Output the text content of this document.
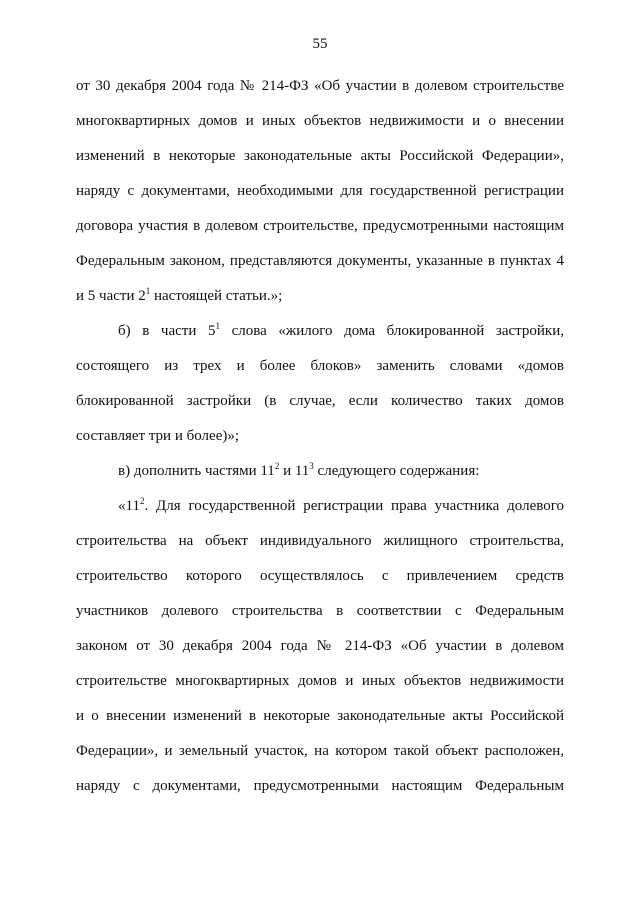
55
от 30 декабря 2004 года № 214-ФЗ «Об участии в долевом строительстве
многоквартирных домов и иных объектов недвижимости и о внесении
изменений в некоторые законодательные акты Российской Федерации»,
наряду с документами, необходимыми для государственной регистрации
договора участия в долевом строительстве, предусмотренными настоящим
Федеральным законом, представляются документы, указанные в пунктах 4
и 5 части $2^1$ настоящей статьи.»;
б) в части $5^1$ слова «жилого дома блокированной застройки,
состоящего из трех и более блоков» заменить словами «домов
блокированной застройки (в случае, если количество таких домов
составляет три и более)»;
в) дополнить частями $11^2$ и $11^3$ следующего содержания:
«$11^2$. Для государственной регистрации права участника долевого
строительства на объект индивидуального жилищного строительства,
строительство которого осуществлялось с привлечением средств
участников долевого строительства в соответствии с Федеральным
законом от 30 декабря 2004 года № 214-ФЗ «Об участии в долевом
строительстве многоквартирных домов и иных объектов недвижимости
и о внесении изменений в некоторые законодательные акты Российской
Федерации», и земельный участок, на котором такой объект расположен,
наряду с документами, предусмотренными настоящим Федеральным
